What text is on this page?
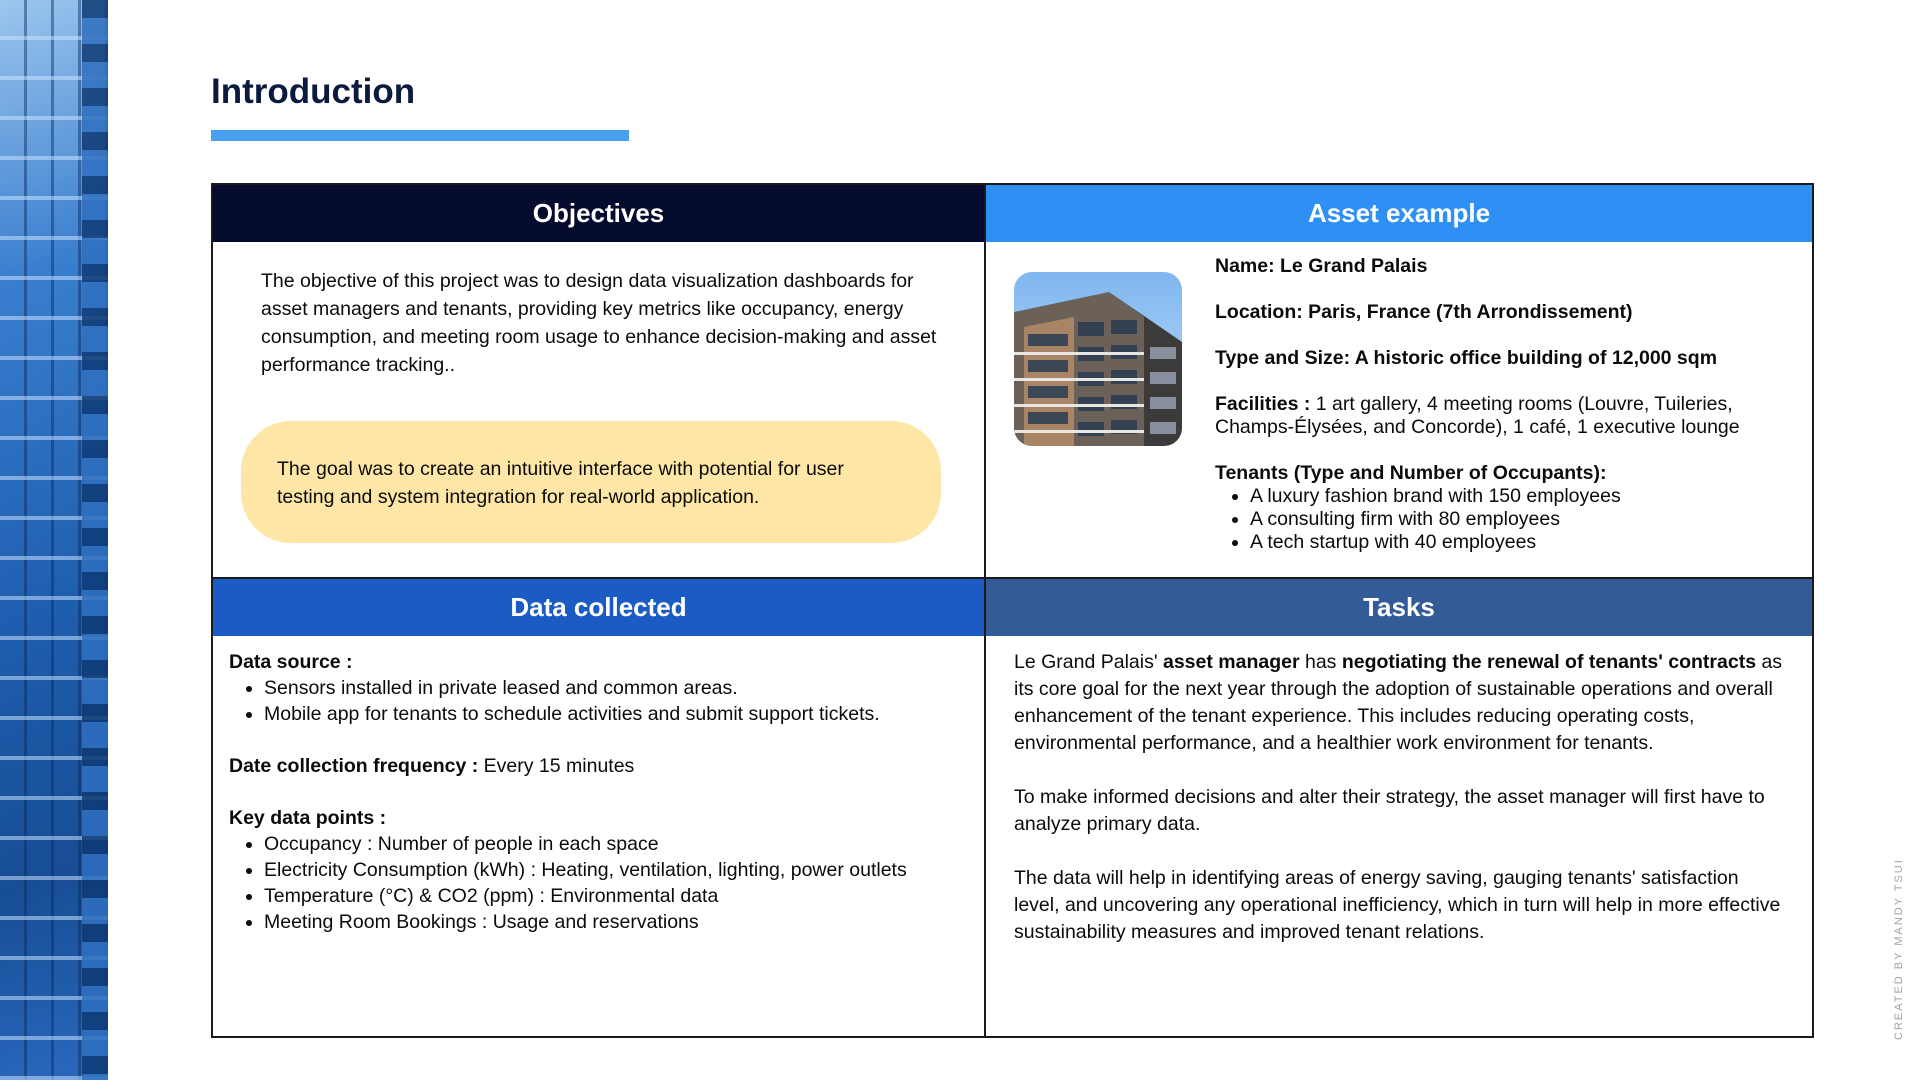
Introduction
Objectives
The objective of this project was to design data visualization dashboards for asset managers and tenants, providing key metrics like occupancy, energy consumption, and meeting room usage to enhance decision-making and asset performance tracking..
The goal was to create an intuitive interface with potential for user testing and system integration for real-world application.
Asset example

Name: Le Grand Palais

Location: Paris, France (7th Arrondissement)

Type and Size: A historic office building of 12,000 sqm

Facilities : 1 art gallery, 4 meeting rooms (Louvre, Tuileries, Champs-Élysées, and Concorde), 1 café, 1 executive lounge

Tenants (Type and Number of Occupants):
• A luxury fashion brand with 150 employees
• A consulting firm with 80 employees
• A tech startup with 40 employees
Data collected

Data source :

• Sensors installed in private leased and common areas.
• Mobile app for tenants to schedule activities and submit support tickets.

Date collection frequency : Every 15 minutes

Key data points :

• Occupancy : Number of people in each space
• Electricity Consumption (kWh) : Heating, ventilation, lighting, power outlets
• Temperature (°C) & CO2 (ppm) : Environmental data
• Meeting Room Bookings : Usage and reservations
Tasks

Le Grand Palais' asset manager has negotiating the renewal of tenants' contracts as its core goal for the next year through the adoption of sustainable operations and overall enhancement of the tenant experience. This includes reducing operating costs, environmental performance, and a healthier work environment for tenants.

To make informed decisions and alter their strategy, the asset manager will first have to analyze primary data.

The data will help in identifying areas of energy saving, gauging tenants' satisfaction level, and uncovering any operational inefficiency, which in turn will help in more effective sustainability measures and improved tenant relations.	CREATED BY MANDY TSUI
